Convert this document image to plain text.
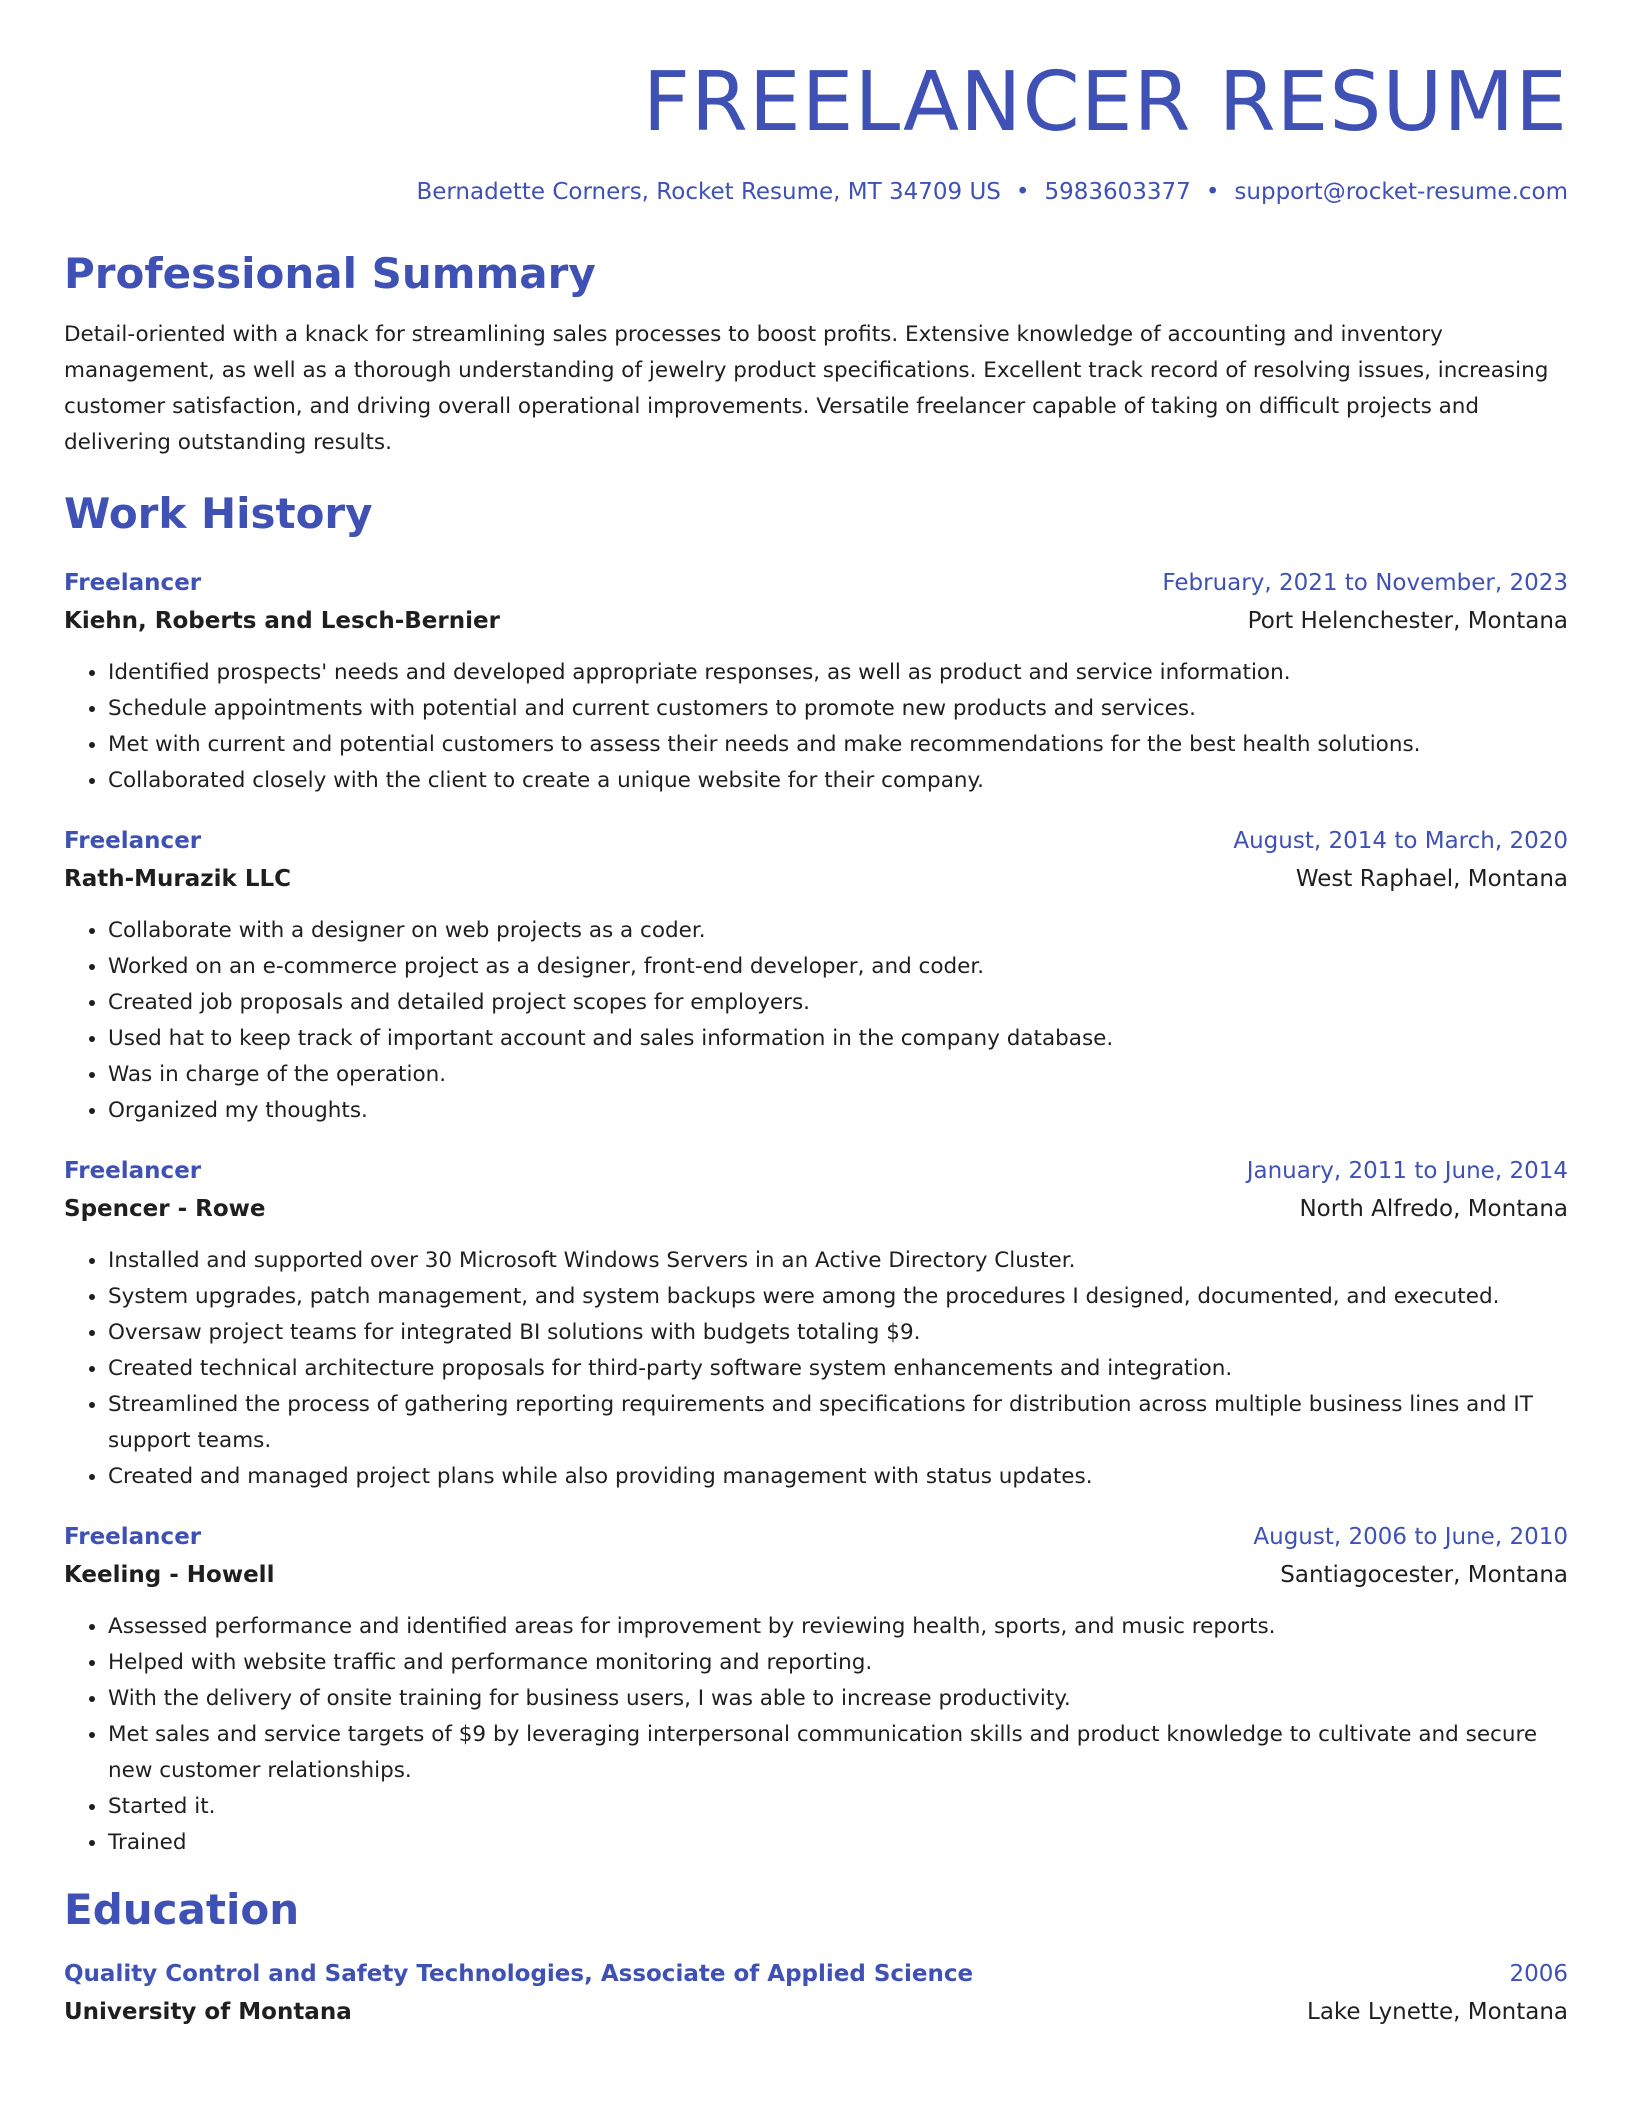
FREELANCER RESUME
Bernadette Corners, Rocket Resume, MT 34709 US • 5983603377 • support@rocket-resume.com
Professional Summary
Detail-oriented with a knack for streamlining sales processes to boost profits. Extensive knowledge of accounting and inventory management, as well as a thorough understanding of jewelry product specifications. Excellent track record of resolving issues, increasing customer satisfaction, and driving overall operational improvements. Versatile freelancer capable of taking on difficult projects and delivering outstanding results.
Work History
Freelancer	February, 2021 to November, 2023
Kiehn, Roberts and Lesch-Bernier	Port Helenchester, Montana
• Identified prospects' needs and developed appropriate responses, as well as product and service information.
• Schedule appointments with potential and current customers to promote new products and services.
• Met with current and potential customers to assess their needs and make recommendations for the best health solutions.
• Collaborated closely with the client to create a unique website for their company.
Freelancer	August, 2014 to March, 2020
Rath-Murazik LLC	West Raphael, Montana
• Collaborate with a designer on web projects as a coder.
• Worked on an e-commerce project as a designer, front-end developer, and coder.
• Created job proposals and detailed project scopes for employers.
• Used hat to keep track of important account and sales information in the company database.
• Was in charge of the operation.
• Organized my thoughts.
Freelancer	January, 2011 to June, 2014
Spencer - Rowe	North Alfredo, Montana
• Installed and supported over 30 Microsoft Windows Servers in an Active Directory Cluster.
• System upgrades, patch management, and system backups were among the procedures I designed, documented, and executed.
• Oversaw project teams for integrated BI solutions with budgets totaling $9.
• Created technical architecture proposals for third-party software system enhancements and integration.
• Streamlined the process of gathering reporting requirements and specifications for distribution across multiple business lines and IT support teams.
• Created and managed project plans while also providing management with status updates.
Freelancer	August, 2006 to June, 2010
Keeling - Howell	Santiagocester, Montana
• Assessed performance and identified areas for improvement by reviewing health, sports, and music reports.
• Helped with website traffic and performance monitoring and reporting.
• With the delivery of onsite training for business users, I was able to increase productivity.
• Met sales and service targets of $9 by leveraging interpersonal communication skills and product knowledge to cultivate and secure new customer relationships.
• Started it.
• Trained
Education
Quality Control and Safety Technologies, Associate of Applied Science	2006
University of Montana	Lake Lynette, Montana
